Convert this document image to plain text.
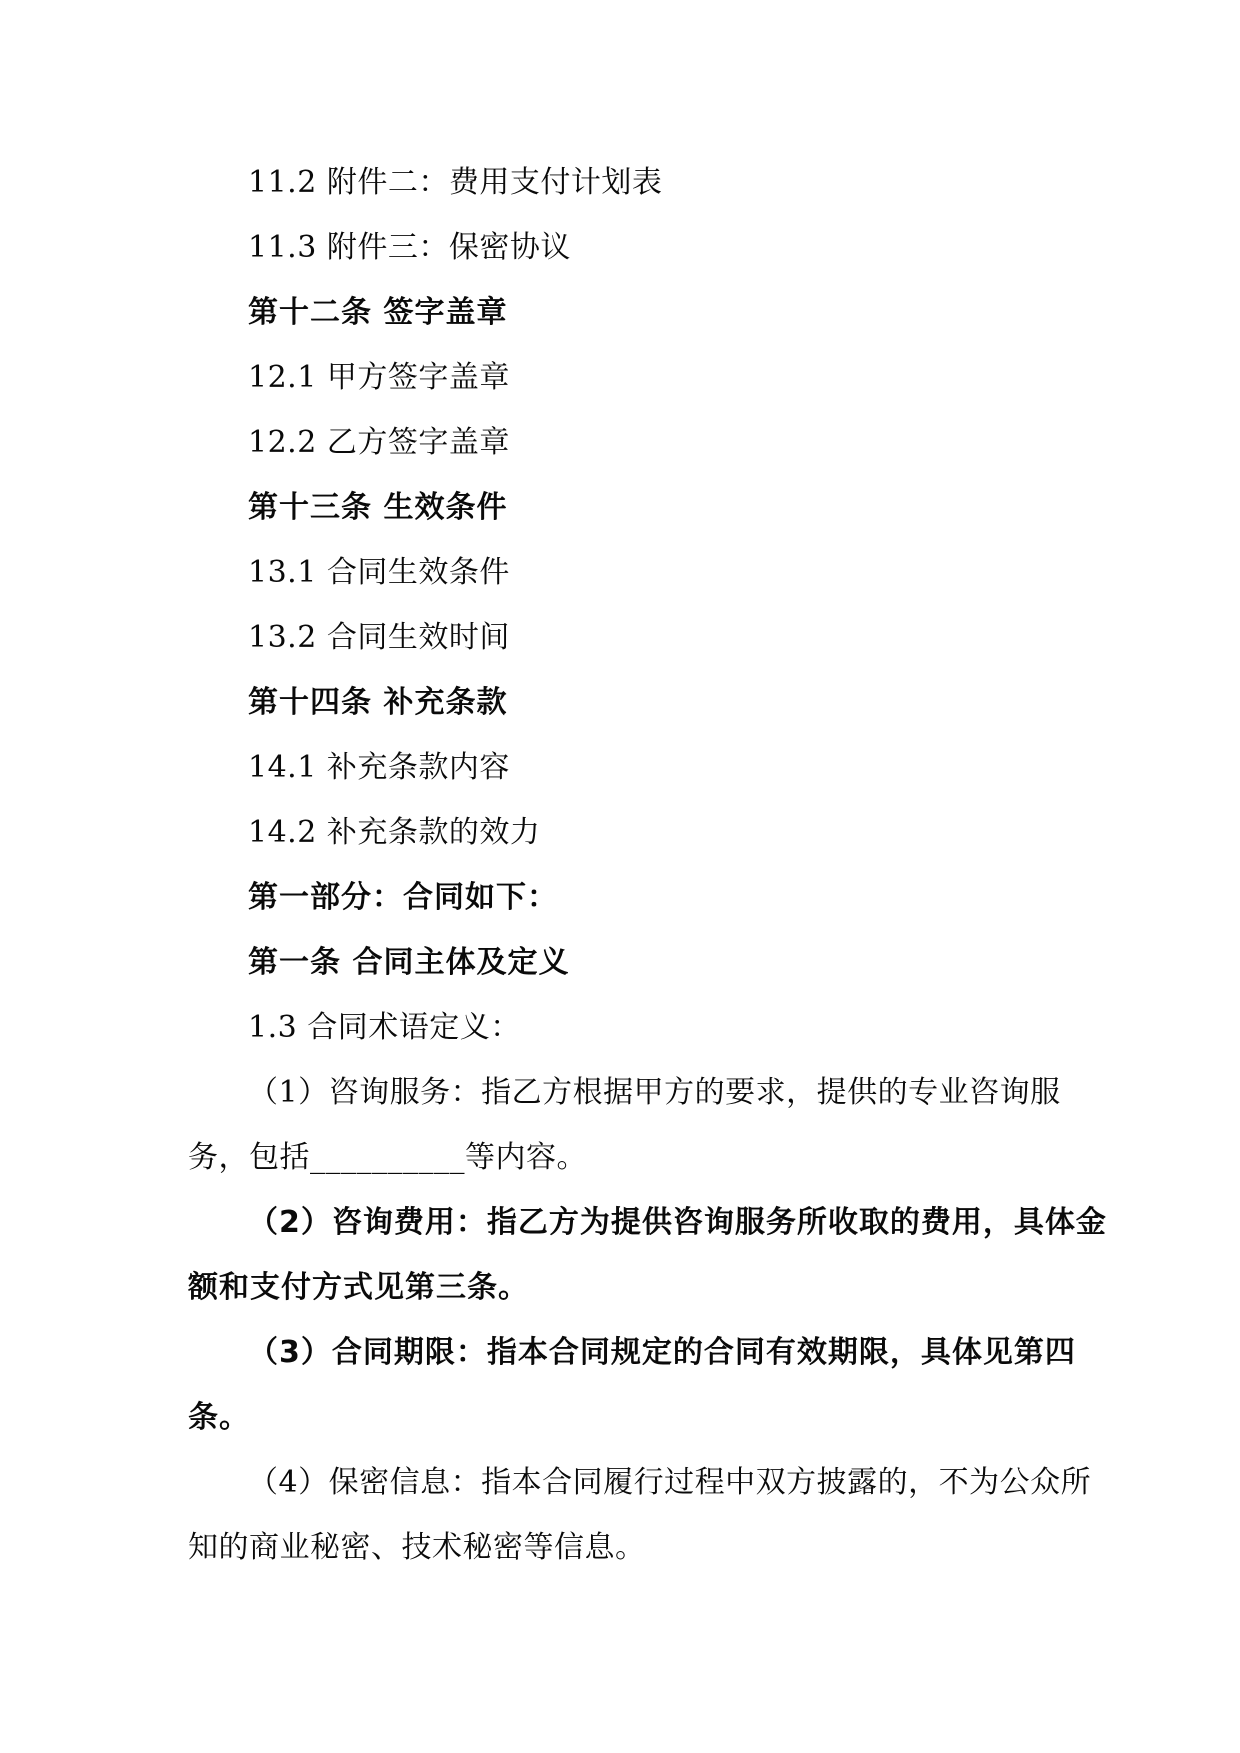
11.2 附件二：费用支付计划表
11.3 附件三：保密协议
第十二条 签字盖章
12.1 甲方签字盖章
12.2 乙方签字盖章
第十三条 生效条件
13.1 合同生效条件
13.2 合同生效时间
第十四条 补充条款
14.1 补充条款内容
14.2 补充条款的效力
第一部分：合同如下：
第一条 合同主体及定义
1.3 合同术语定义：
（1）咨询服务：指乙方根据甲方的要求，提供的专业咨询服
务，包括__________等内容。
（2）咨询费用：指乙方为提供咨询服务所收取的费用，具体金
额和支付方式见第三条。
（3）合同期限：指本合同规定的合同有效期限，具体见第四
条。
（4）保密信息：指本合同履行过程中双方披露的，不为公众所
知的商业秘密、技术秘密等信息。
